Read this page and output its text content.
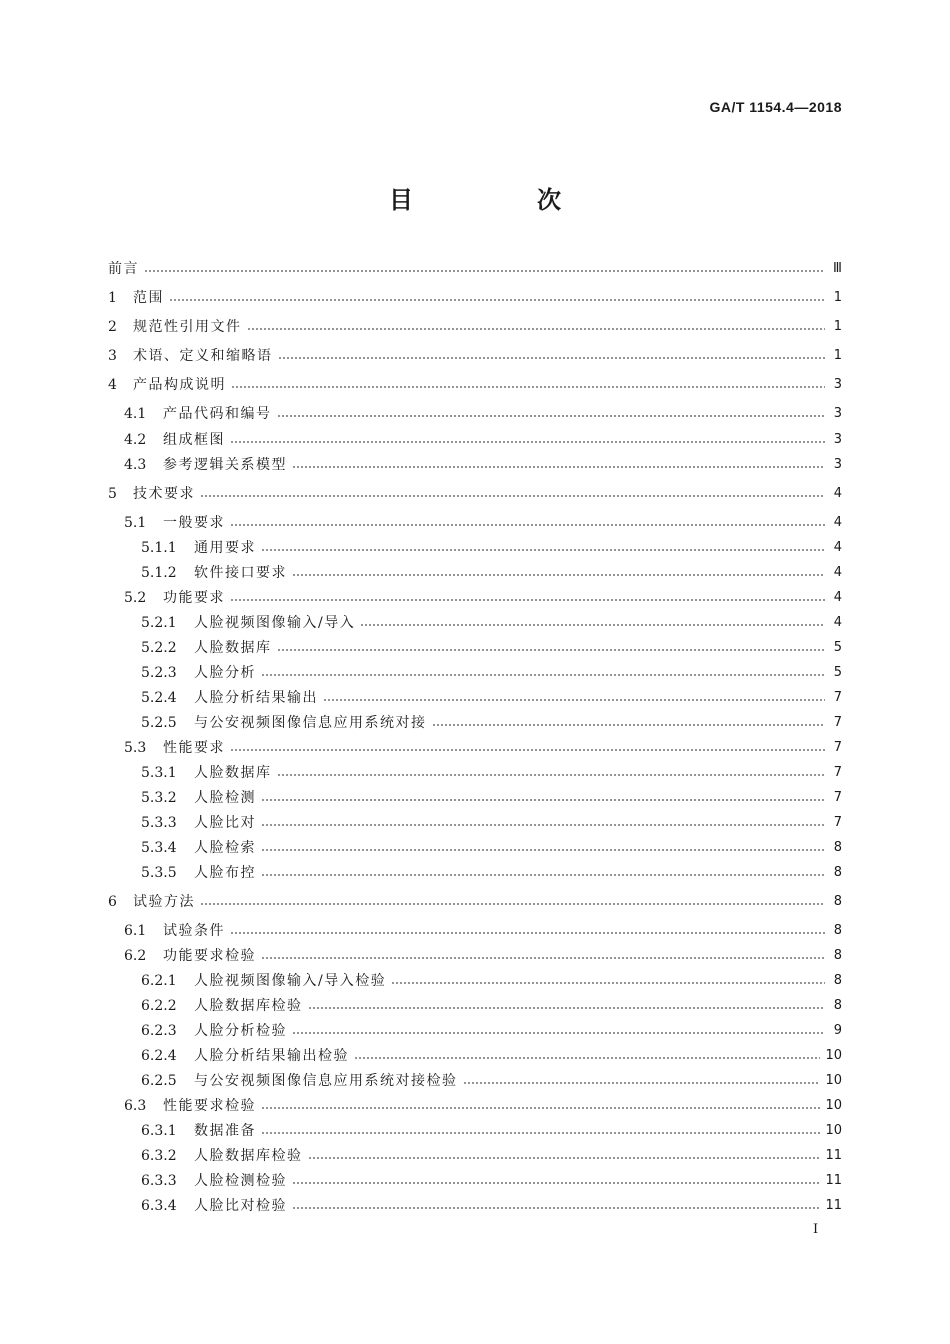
GA/T 1154.4—2018
目　次
前言	Ⅲ
1	范围	1
2	规范性引用文件	1
3	术语、定义和缩略语	1
4	产品构成说明	3
4.1	产品代码和编号	3
4.2	组成框图	3
4.3	参考逻辑关系模型	3
5	技术要求	4
5.1	一般要求	4
5.1.1	通用要求	4
5.1.2	软件接口要求	4
5.2	功能要求	4
5.2.1	人脸视频图像输入/导入	4
5.2.2	人脸数据库	5
5.2.3	人脸分析	5
5.2.4	人脸分析结果输出	7
5.2.5	与公安视频图像信息应用系统对接	7
5.3	性能要求	7
5.3.1	人脸数据库	7
5.3.2	人脸检测	7
5.3.3	人脸比对	7
5.3.4	人脸检索	8
5.3.5	人脸布控	8
6	试验方法	8
6.1	试验条件	8
6.2	功能要求检验	8
6.2.1	人脸视频图像输入/导入检验	8
6.2.2	人脸数据库检验	8
6.2.3	人脸分析检验	9
6.2.4	人脸分析结果输出检验	10
6.2.5	与公安视频图像信息应用系统对接检验	10
6.3	性能要求检验	10
6.3.1	数据准备	10
6.3.2	人脸数据库检验	11
6.3.3	人脸检测检验	11
6.3.4	人脸比对检验	11
I
